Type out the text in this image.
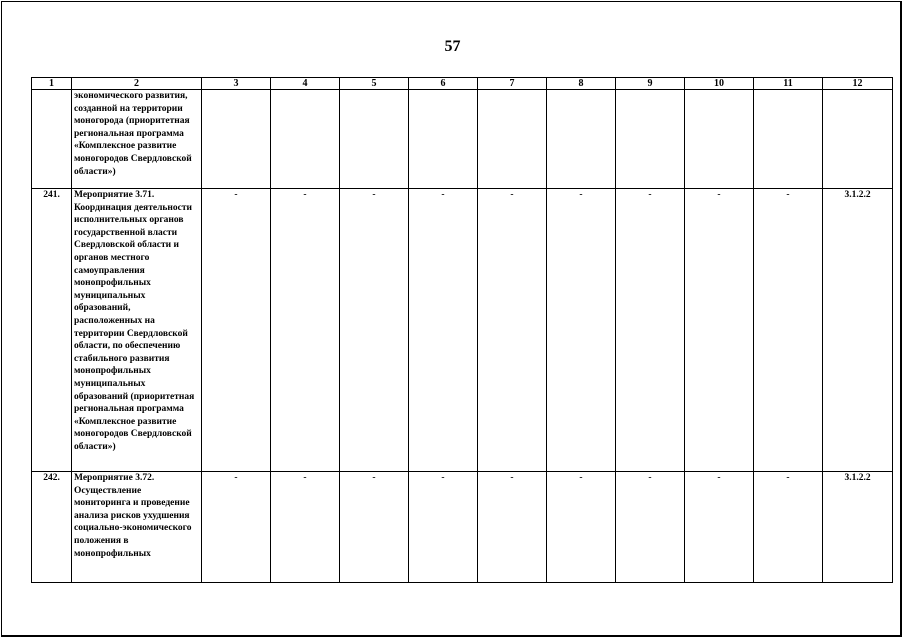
57
1	2	3	4	5	6	7	8	9	10	11	12
	экономического развития, созданной на территории моногорода (приоритетная региональная программа «Комплексное развитие моногородов Свердловской области»)										
241.	Мероприятие 3.71. Координация деятельности исполнительных органов государственной власти Свердловской области и органов местного самоуправления монопрофильных муниципальных образований, расположенных на территории Свердловской области, по обеспечению стабильного развития монопрофильных муниципальных образований (приоритетная региональная программа «Комплексное развитие моногородов Свердловской области»)	-	-	-	-	-	-	-	-	-	3.1.2.2
242.	Мероприятие 3.72. Осуществление мониторинга и проведение анализа рисков ухудшения социально-экономического положения в монопрофильных	-	-	-	-	-	-	-	-	-	3.1.2.2
